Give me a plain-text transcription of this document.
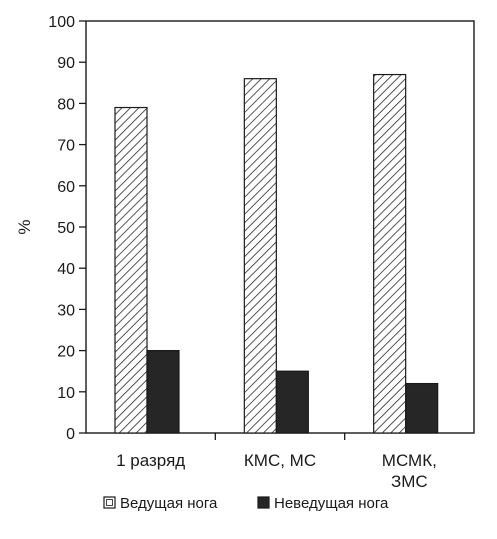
0
10
20
30
40
50
60
70
80
90
100
%
1 разряд	КМС, МС	МСМК, ЗМС
Ведущая нога	Неведущая нога
